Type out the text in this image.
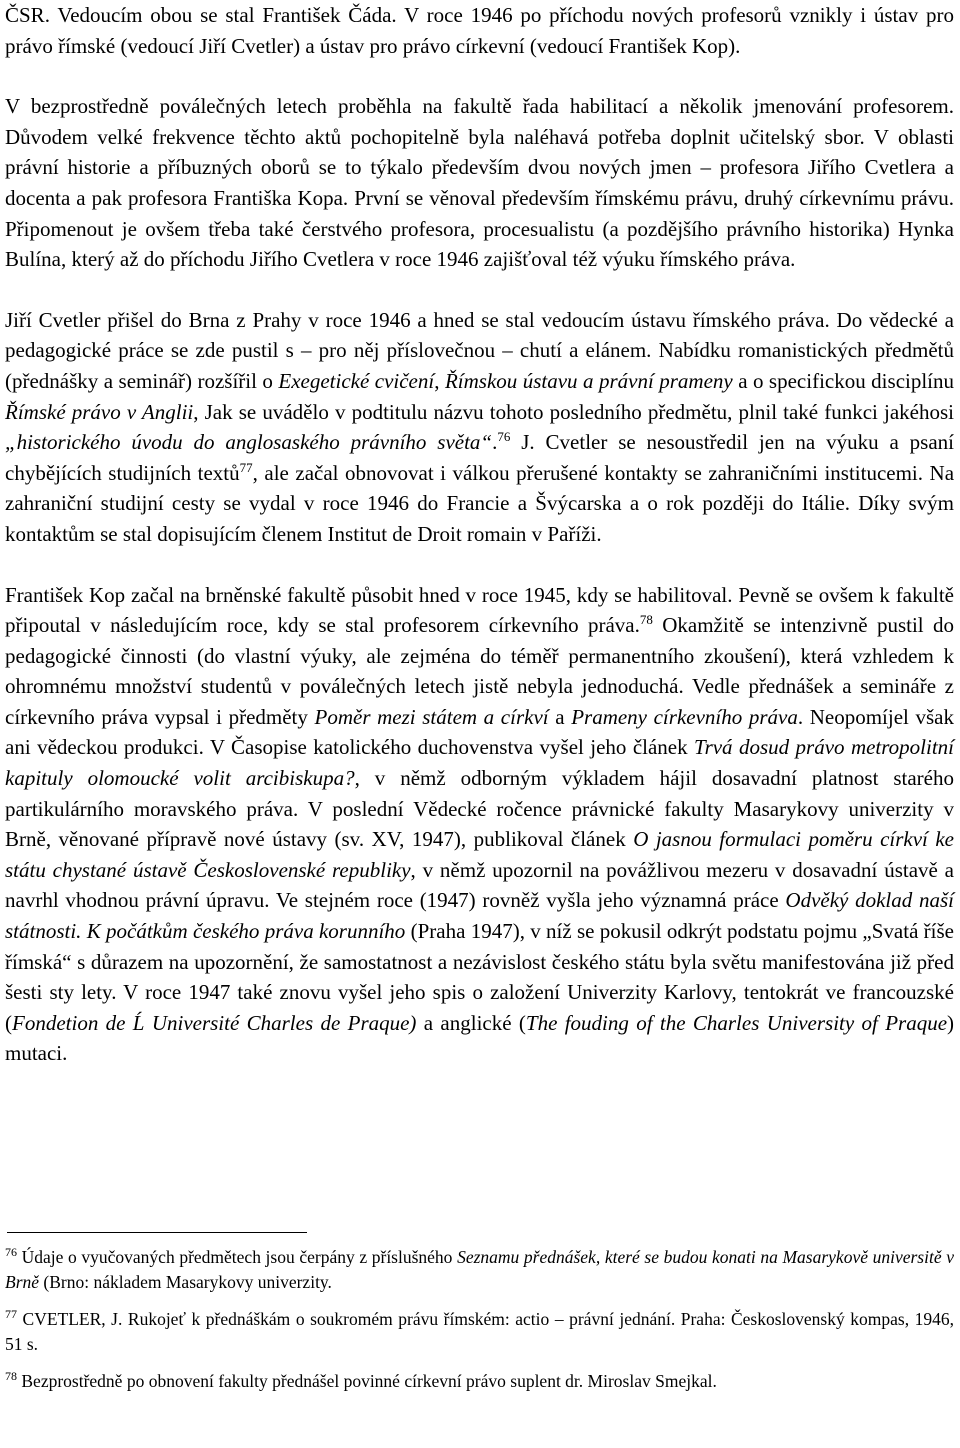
ČSR. Vedoucím obou se stal František Čáda. V roce 1946 po příchodu nových profesorů vznikly i ústav pro právo římské (vedoucí Jiří Cvetler) a ústav pro právo církevní (vedoucí František Kop).

V bezprostředně poválečných letech proběhla na fakultě řada habilitací a několik jmenování profesorem. Důvodem velké frekvence těchto aktů pochopitelně byla naléhavá potřeba doplnit učitelský sbor. V oblasti právní historie a příbuzných oborů se to týkalo především dvou nových jmen – profesora Jiřího Cvetlera a docenta a pak profesora Františka Kopa. První se věnoval především římskému právu, druhý církevnímu právu. Připomenout je ovšem třeba také čerstvého profesora, procesualistu (a pozdějšího právního historika) Hynka Bulína, který až do příchodu Jiřího Cvetlera v roce 1946 zajišťoval též výuku římského práva.

Jiří Cvetler přišel do Brna z Prahy v roce 1946 a hned se stal vedoucím ústavu římského práva. Do vědecké a pedagogické práce se zde pustil s – pro něj příslovečnou – chutí a elánem. Nabídku romanistických předmětů (přednášky a seminář) rozšířil o Exegetické cvičení, Římskou ústavu a právní prameny a o specifickou disciplínu Římské právo v Anglii, Jak se uvádělo v podtitulu názvu tohoto posledního předmětu, plnil také funkci jakéhosi „historického úvodu do anglosaského právního světa“.$^{76}$ J. Cvetler se nesoustředil jen na výuku a psaní chybějících studijních textů$^{77}$, ale začal obnovovat i válkou přerušené kontakty se zahraničními institucemi. Na zahraniční studijní cesty se vydal v roce 1946 do Francie a Švýcarska a o rok později do Itálie. Díky svým kontaktům se stal dopisujícím členem Institut de Droit romain v Paříži.

František Kop začal na brněnské fakultě působit hned v roce 1945, kdy se habilitoval. Pevně se ovšem k fakultě připoutal v následujícím roce, kdy se stal profesorem církevního práva.$^{78}$ Okamžitě se intenzivně pustil do pedagogické činnosti (do vlastní výuky, ale zejména do téměř permanentního zkoušení), která vzhledem k ohromnému množství studentů v poválečných letech jistě nebyla jednoduchá. Vedle přednášek a semináře z církevního práva vypsal i předměty Poměr mezi státem a církví a Prameny církevního práva. Neopomíjel však ani vědeckou produkci. V Časopise katolického duchovenstva vyšel jeho článek Trvá dosud právo metropolitní kapituly olomoucké volit arcibiskupa?, v němž odborným výkladem hájil dosavadní platnost starého partikulárního moravského práva. V poslední Vědecké ročence právnické fakulty Masarykovy univerzity v Brně, věnované přípravě nové ústavy (sv. XV, 1947), publikoval článek O jasnou formulaci poměru církví ke státu chystané ústavě Československé republiky, v němž upozornil na povážlivou mezeru v dosavadní ústavě a navrhl vhodnou právní úpravu. Ve stejném roce (1947) rovněž vyšla jeho významná práce Odvěký doklad naší státnosti. K počátkům českého práva korunního (Praha 1947), v níž se pokusil odkrýt podstatu pojmu „Svatá říše římská“ s důrazem na upozornění, že samostatnost a nezávislost českého státu byla světu manifestována již před šesti sty lety. V roce 1947 také znovu vyšel jeho spis o založení Univerzity Karlovy, tentokrát ve francouzské (Fondetion de Ĺ Université Charles de Praque) a anglické (The fouding of the Charles University of Praque) mutaci.

$^{76}$ Údaje o vyučovaných předmětech jsou čerpány z příslušného Seznamu přednášek, které se budou konati na Masarykově universitě v Brně (Brno: nákladem Masarykovy univerzity.

$^{77}$ CVETLER, J. Rukojeť k přednáškám o soukromém právu římském: actio – právní jednání. Praha: Československý kompas, 1946, 51 s.

$^{78}$ Bezprostředně po obnovení fakulty přednášel povinné církevní právo suplent dr. Miroslav Smejkal.
